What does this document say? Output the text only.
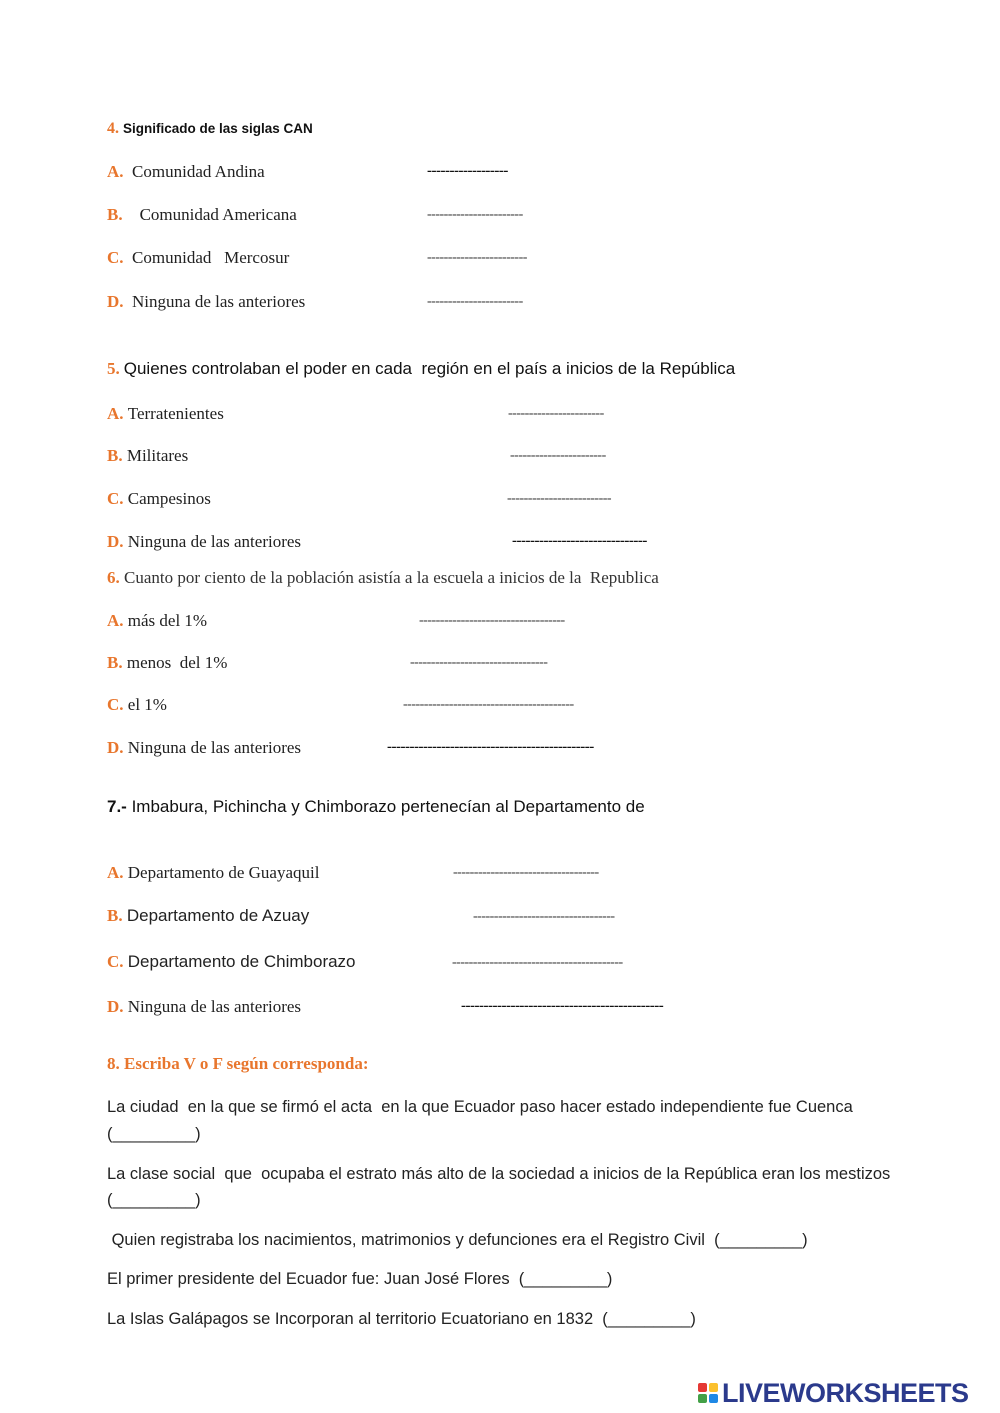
4. Significado de las siglas CAN
A. Comunidad Andina	------------------
B. Comunidad Americana	-----------------------
C. Comunidad   Mercosur	------------------------
D. Ninguna de las anteriores	-----------------------
5. Quienes controlaban el poder en cada  región en el país a inicios de la República
A. Terratenientes	-----------------------
B. Militares	-----------------------
C. Campesinos	-------------------------
D. Ninguna de las anteriores	------------------------------
6. Cuanto por ciento de la población asistía a la escuela a inicios de la  Republica
A. más del 1%	-----------------------------------
B. menos  del 1%	---------------------------------
C. el 1%	-----------------------------------------
D. Ninguna de las anteriores	----------------------------------------------
7.- Imbabura, Pichincha y Chimborazo pertenecían al Departamento de
A. Departamento de Guayaquil	-----------------------------------
B. Departamento de Azuay	----------------------------------
C. Departamento de Chimborazo	-----------------------------------------
D. Ninguna de las anteriores	---------------------------------------------
8. Escriba V o F según corresponda:
La ciudad  en la que se firmó el acta  en la que Ecuador paso hacer estado independiente fue Cuenca
(_________)
La clase social  que  ocupaba el estrato más alto de la sociedad a inicios de la República eran los mestizos
(_________)
Quien registraba los nacimientos, matrimonios y defunciones era el Registro Civil  (_________)
El primer presidente del Ecuador fue: Juan José Flores  (_________)
La Islas Galápagos se Incorporan al territorio Ecuatoriano en 1832  (_________)
LIVEWORKSHEETS
